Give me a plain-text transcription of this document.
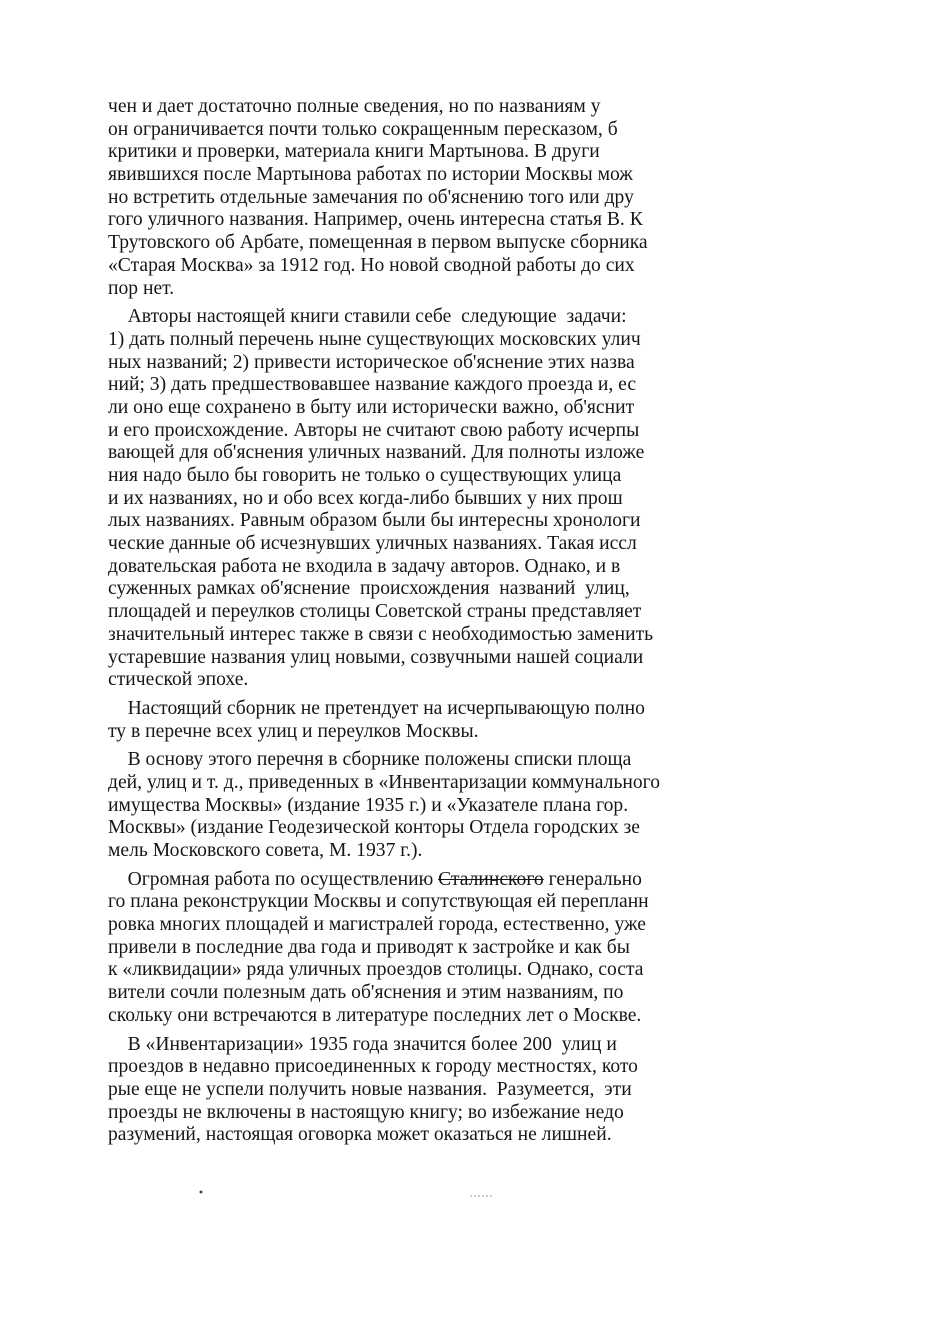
чен и дает достаточно полные сведения, но по названиям у
он ограничивается почти только сокращенным пересказом, б
критики и проверки, материала книги Мартынова. В други
явившихся после Мартынова работах по истории Москвы мож
но встретить отдельные замечания по об'яснению того или дру
гого уличного названия. Например, очень интересна статья В. К
Трутовского об Арбате, помещенная в первом выпуске сборника
«Старая Москва» за 1912 год. Но новой сводной работы до сих
пор нет.
Авторы настоящей книги ставили себе  следующие  задачи:
1) дать полный перечень ныне существующих московских улич
ных названий; 2) привести историческое об'яснение этих назва
ний; 3) дать предшествовавшее название каждого проезда и, ес
ли оно еще сохранено в быту или исторически важно, об'яснит
и его происхождение. Авторы не считают свою работу исчерпы
вающей для об'яснения уличных названий. Для полноты изложе
ния надо было бы говорить не только о существующих улица
и их названиях, но и обо всех когда-либо бывших у них прош
лых названиях. Равным образом были бы интересны хронологи
ческие данные об исчезнувших уличных названиях. Такая иссл
довательская работа не входила в задачу авторов. Однако, и в
суженных рамках об'яснение  происхождения  названий  улиц,
площадей и переулков столицы Советской страны представляет
значительный интерес также в связи с необходимостью заменить
устаревшие названия улиц новыми, созвучными нашей социали
стической эпохе.
Настоящий сборник не претендует на исчерпывающую полно
ту в перечне всех улиц и переулков Москвы.
В основу этого перечня в сборнике положены списки площа
дей, улиц и т. д., приведенных в «Инвентаризации коммунального
имущества Москвы» (издание 1935 г.) и «Указателе плана гор.
Москвы» (издание Геодезической конторы Отдела городских зе
мель Московского совета, М. 1937 г.).
Огромная работа по осуществлению Сталинского генерально
го плана реконструкции Москвы и сопутствующая ей перепланн
ровка многих площадей и магистралей города, естественно, уже
привели в последние два года и приводят к застройке и как бы
к «ликвидации» ряда уличных проездов столицы. Однако, соста
вители сочли полезным дать об'яснения и этим названиям, по
скольку они встречаются в литературе последних лет о Москве.
В «Инвентаризации» 1935 года значится более 200  улиц и
проездов в недавно присоединенных к городу местностях, кото
рые еще не успели получить новые названия.  Разумеется,  эти
проезды не включены в настоящую книгу; во избежание недо
разумений, настоящая оговорка может оказаться не лишней.
